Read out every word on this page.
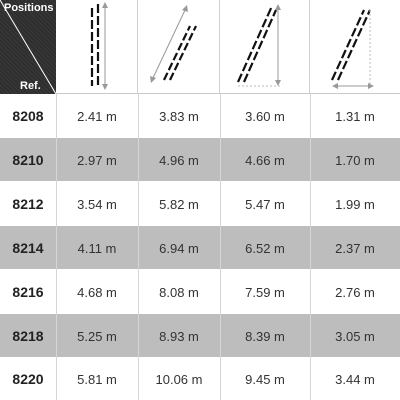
Positions
Ref.
8208	2.41 m	3.83 m	3.60 m	1.31 m
8210	2.97 m	4.96 m	4.66 m	1.70 m
8212	3.54 m	5.82 m	5.47 m	1.99 m
8214	4.11 m	6.94 m	6.52 m	2.37 m
8216	4.68 m	8.08 m	7.59 m	2.76 m
8218	5.25 m	8.93 m	8.39 m	3.05 m
8220	5.81 m	10.06 m	9.45 m	3.44 m
